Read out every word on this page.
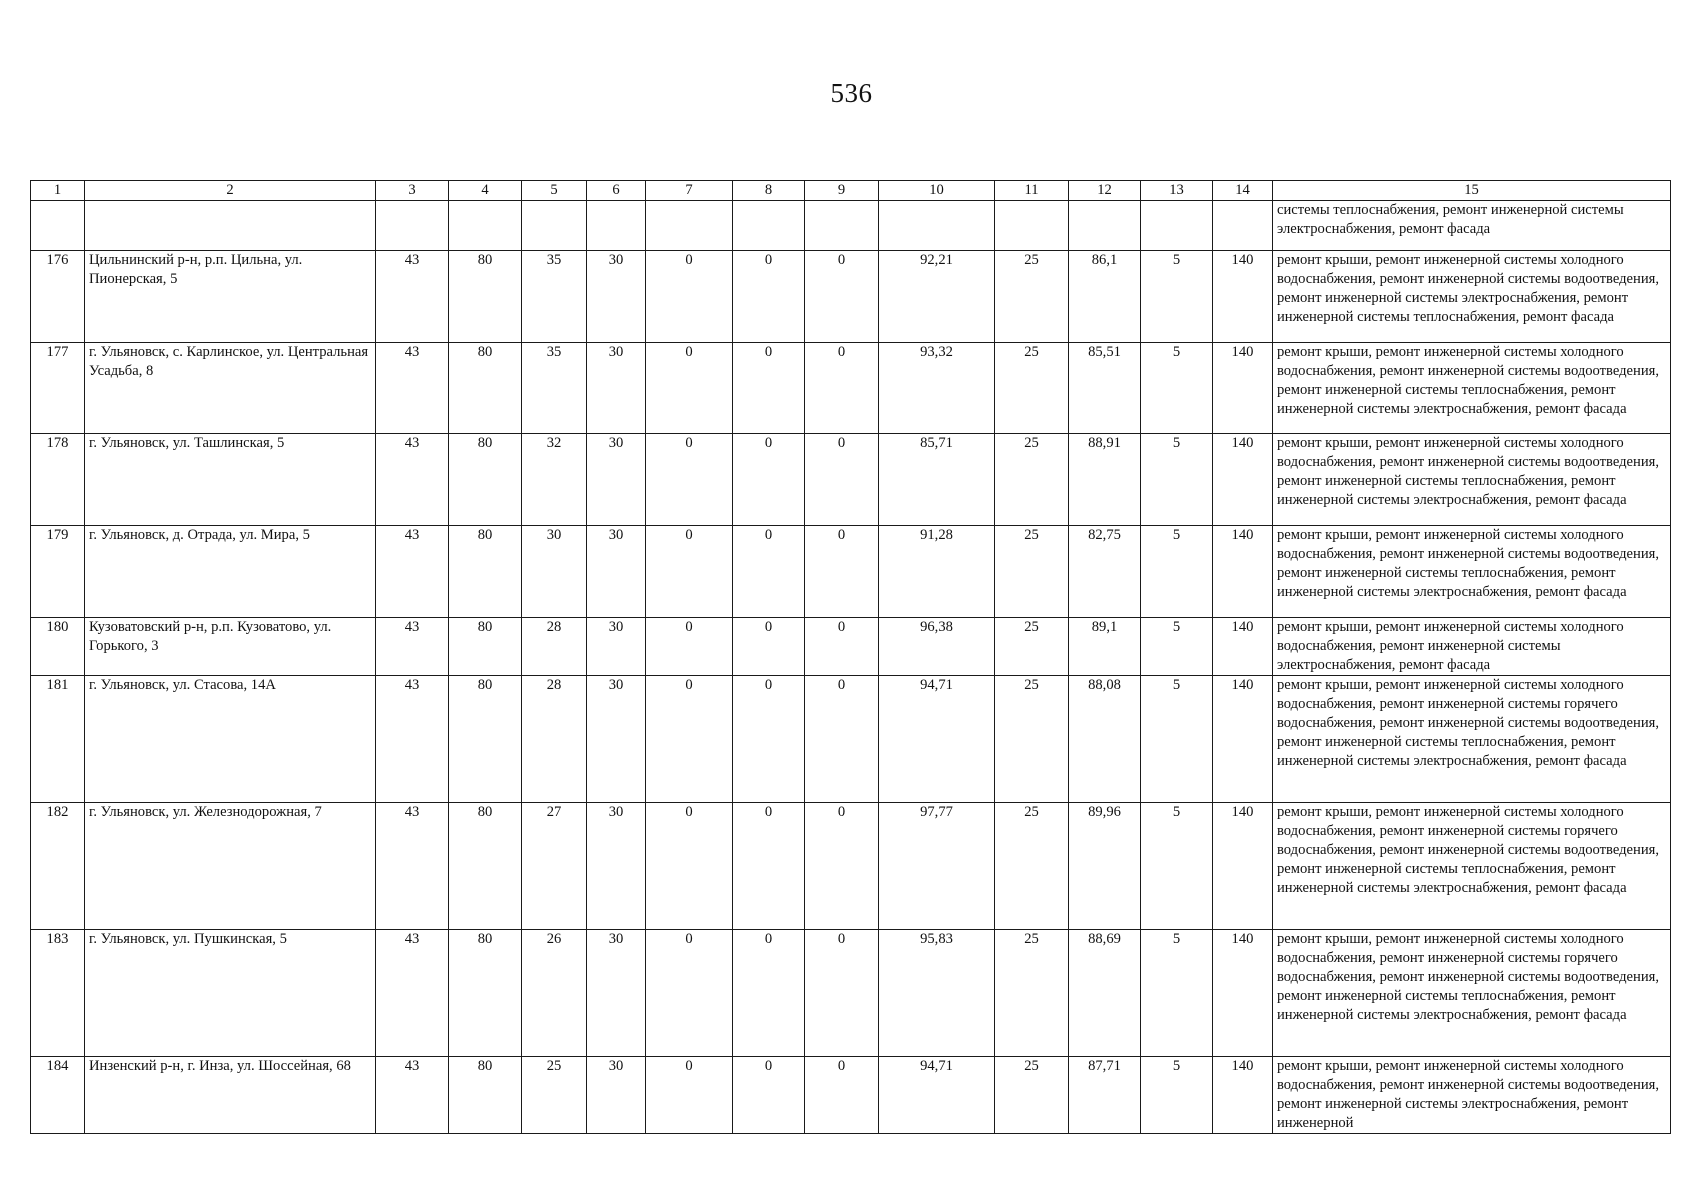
536
1	2	3	4	5	6	7	8	9	10	11	12	13	14	15
														системы теплоснабжения, ремонт инженерной системы электроснабжения, ремонт фасада
176	Цильнинский р-н, р.п. Цильна, ул. Пионерская, 5	43	80	35	30	0	0	0	92,21	25	86,1	5	140	ремонт крыши, ремонт инженерной системы холодного водоснабжения, ремонт инженерной системы водоотведения, ремонт инженерной системы электроснабжения, ремонт инженерной системы теплоснабжения, ремонт фасада
177	г. Ульяновск, с. Карлинское, ул. Центральная Усадьба, 8	43	80	35	30	0	0	0	93,32	25	85,51	5	140	ремонт крыши, ремонт инженерной системы холодного водоснабжения, ремонт инженерной системы водоотведения, ремонт инженерной системы теплоснабжения, ремонт инженерной системы электроснабжения, ремонт фасада
178	г. Ульяновск, ул. Ташлинская, 5	43	80	32	30	0	0	0	85,71	25	88,91	5	140	ремонт крыши, ремонт инженерной системы холодного водоснабжения, ремонт инженерной системы водоотведения, ремонт инженерной системы теплоснабжения, ремонт инженерной системы электроснабжения, ремонт фасада
179	г. Ульяновск, д. Отрада, ул. Мира, 5	43	80	30	30	0	0	0	91,28	25	82,75	5	140	ремонт крыши, ремонт инженерной системы холодного водоснабжения, ремонт инженерной системы водоотведения, ремонт инженерной системы теплоснабжения, ремонт инженерной системы электроснабжения, ремонт фасада
180	Кузоватовский р-н, р.п. Кузоватово, ул. Горького, 3	43	80	28	30	0	0	0	96,38	25	89,1	5	140	ремонт крыши, ремонт инженерной системы холодного водоснабжения, ремонт инженерной системы электроснабжения, ремонт фасада
181	г. Ульяновск, ул. Стасова, 14А	43	80	28	30	0	0	0	94,71	25	88,08	5	140	ремонт крыши, ремонт инженерной системы холодного водоснабжения, ремонт инженерной системы горячего водоснабжения, ремонт инженерной системы водоотведения, ремонт инженерной системы теплоснабжения, ремонт инженерной системы электроснабжения, ремонт фасада
182	г. Ульяновск, ул. Железнодорожная, 7	43	80	27	30	0	0	0	97,77	25	89,96	5	140	ремонт крыши, ремонт инженерной системы холодного водоснабжения, ремонт инженерной системы горячего водоснабжения, ремонт инженерной системы водоотведения, ремонт инженерной системы теплоснабжения, ремонт инженерной системы электроснабжения, ремонт фасада
183	г. Ульяновск, ул. Пушкинская, 5	43	80	26	30	0	0	0	95,83	25	88,69	5	140	ремонт крыши, ремонт инженерной системы холодного водоснабжения, ремонт инженерной системы горячего водоснабжения, ремонт инженерной системы водоотведения, ремонт инженерной системы теплоснабжения, ремонт инженерной системы электроснабжения, ремонт фасада
184	Инзенский р-н, г. Инза, ул. Шоссейная, 68	43	80	25	30	0	0	0	94,71	25	87,71	5	140	ремонт крыши, ремонт инженерной системы холодного водоснабжения, ремонт инженерной системы водоотведения, ремонт инженерной системы электроснабжения, ремонт инженерной
